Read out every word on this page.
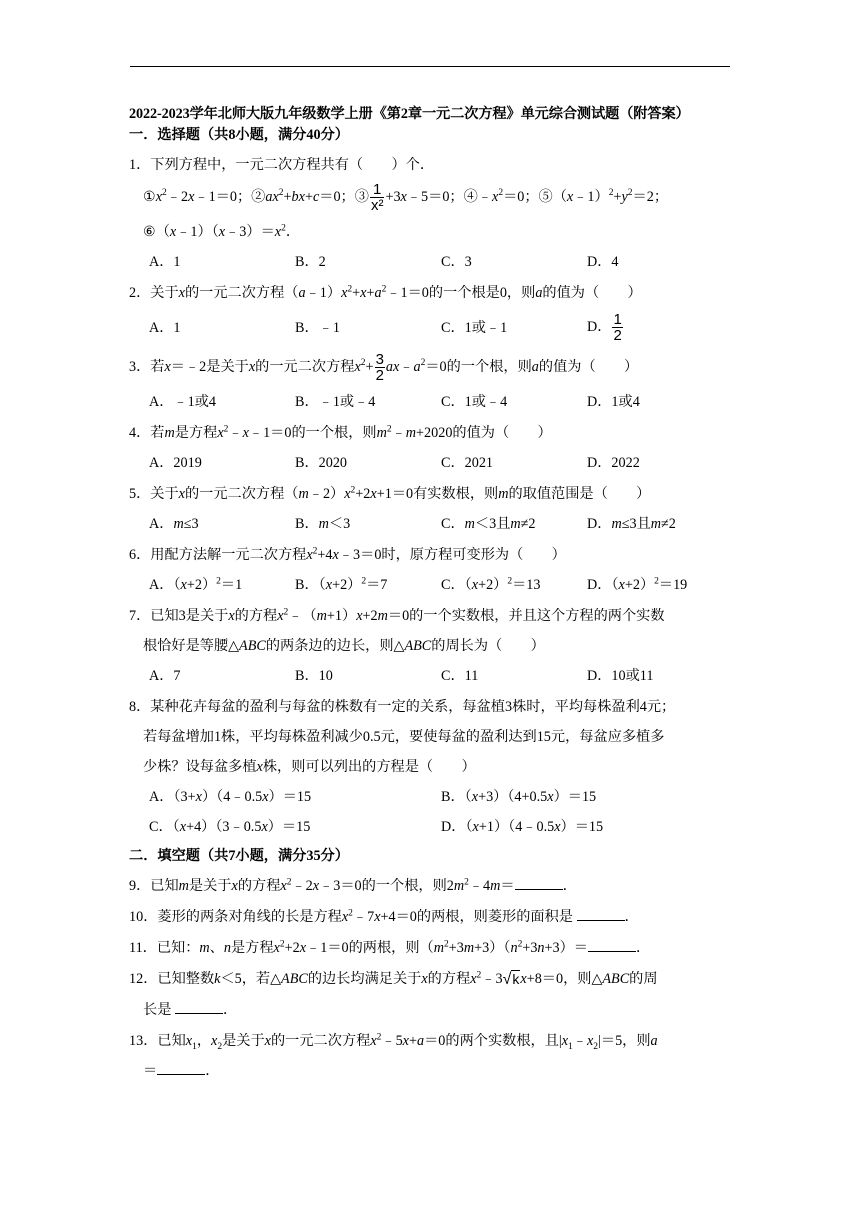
2022-2023学年北师大版九年级数学上册《第2章一元二次方程》单元综合测试题（附答案）

一．选择题（共8小题，满分40分）

1．下列方程中，一元二次方程共有（　　）个．
$①x^2﹣2x﹣1=0$；$②ax^2+bx+c=0$；③ $\frac{1}{\text{x²}}$ +3x﹣5＝0；$④﹣x^2=0$；$⑤(x﹣1)^2+y^2=2$；
$⑥(x﹣1)(x﹣3)=x^2$．
A．1	B．2	C．3	D．4
2．关于x的一元二次方程$(a﹣1)x^2+x+a^2﹣1=0$的一个根是0，则a的值为（　　）
A．1	B．﹣1	C．1或﹣1	D． $\frac{1}{2}$
3．若x＝﹣2是关于x的一元二次方程$x^2+ \frac{3}{2}$ $ax﹣a^2=0$的一个根，则a的值为（　　）
A．﹣1或4	B．﹣1或﹣4	C．1或﹣4	D．1或4
4．若m是方程$x^2﹣x﹣1=0$的一个根，则$m^2﹣m+2020$的值为（　　）
A．2019	B．2020	C．2021	D．2022
5．关于x的一元二次方程$(m﹣2)x^2+2x+1=0$有实数根，则m的取值范围是（　　）
A．m≤3	B．m＜3	C．m＜3且m≠2	D．m≤3且m≠2
6．用配方法解一元二次方程$x^2+4x﹣3=0$时，原方程可变形为（　　）
A．$(x+2)^2=1$	B．$(x+2)^2=7$	C．$(x+2)^2=13$	D．$(x+2)^2=19$
7．已知3是关于x的方程$x^2﹣(m+1)x+2m=0$的一个实数根，并且这个方程的两个实数
根恰好是等腰△ABC的两条边的边长，则△ABC的周长为（　　）
A．7	B．10	C．11	D．10或11
8．某种花卉每盆的盈利与每盆的株数有一定的关系，每盆植3株时，平均每株盈利4元；
若每盆增加1株，平均每株盈利减少0.5元，要使每盆的盈利达到15元，每盆应多植多
少株？设每盆多植x株，则可以列出的方程是（　　）
A．（3+x）（4﹣0.5x）＝15	B．（x+3）（4+0.5x）＝15
C．（x+4）（3﹣0.5x）＝15	D．（x+1）（4﹣0.5x）＝15

二．填空题（共7小题，满分35分）

9．已知m是关于x的方程$x^2﹣2x﹣3=0$的一个根，则$2m^2﹣4m=$	．
10．菱形的两条对角线的长是方程$x^2﹣7x+4=0$的两根，则菱形的面积是	．
11．已知：m、n是方程$x^2+2x﹣1=0$的两根，则$(m^2+3m+3)(n^2+3n+3)=$	．
12．已知整数k＜5，若△ABC的边长均满足关于x的方程$x^2﹣3√kx+8=0$，则△ABC的周
长是	．
13．已知$x_1$，$x_2$是关于x的一元二次方程$x^2﹣5x+a=0$的两个实数根，且$|x_1﹣x_2|=5$，则a
＝	．
